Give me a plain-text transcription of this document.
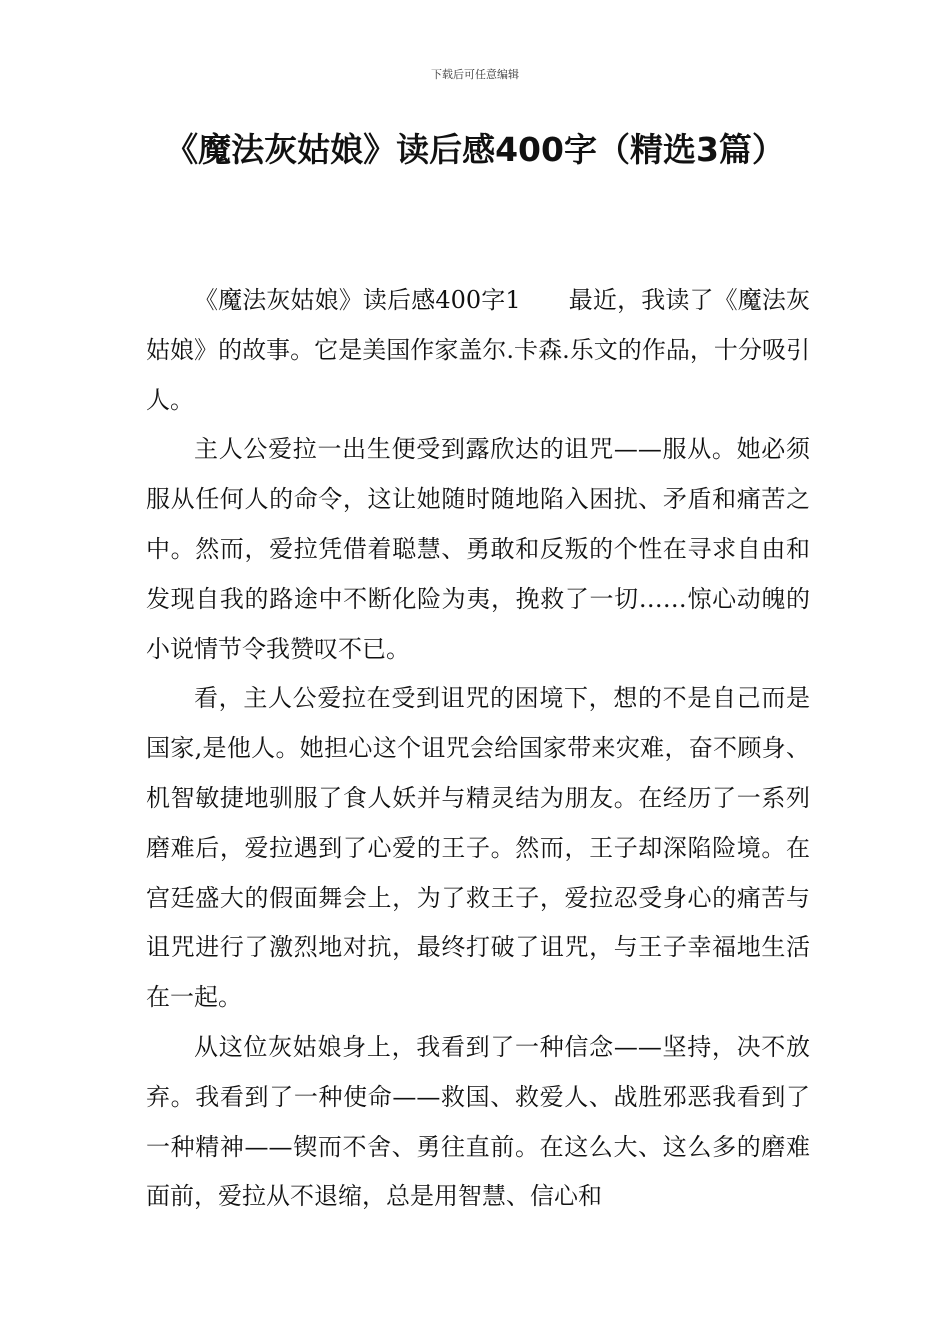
下载后可任意编辑
《魔法灰姑娘》读后感400字（精选3篇）

《魔法灰姑娘》读后感400字1 最近，我读了《魔法灰姑娘》的故事。它是美国作家盖尔.卡森.乐文的作品，十分吸引人。

主人公爱拉一出生便受到露欣达的诅咒——服从。她必须服从任何人的命令，这让她随时随地陷入困扰、矛盾和痛苦之中。然而，爱拉凭借着聪慧、勇敢和反叛的个性在寻求自由和发现自我的路途中不断化险为夷，挽救了一切……惊心动魄的小说情节令我赞叹不已。

看，主人公爱拉在受到诅咒的困境下，想的不是自己而是国家,是他人。她担心这个诅咒会给国家带来灾难，奋不顾身、机智敏捷地驯服了食人妖并与精灵结为朋友。在经历了一系列磨难后，爱拉遇到了心爱的王子。然而，王子却深陷险境。在宫廷盛大的假面舞会上，为了救王子，爱拉忍受身心的痛苦与诅咒进行了激烈地对抗，最终打破了诅咒，与王子幸福地生活在一起。

从这位灰姑娘身上，我看到了一种信念——坚持，决不放弃。我看到了一种使命——救国、救爱人、战胜邪恶我看到了一种精神——锲而不舍、勇往直前。在这么大、这么多的磨难面前，爱拉从不退缩，总是用智慧、信心和
